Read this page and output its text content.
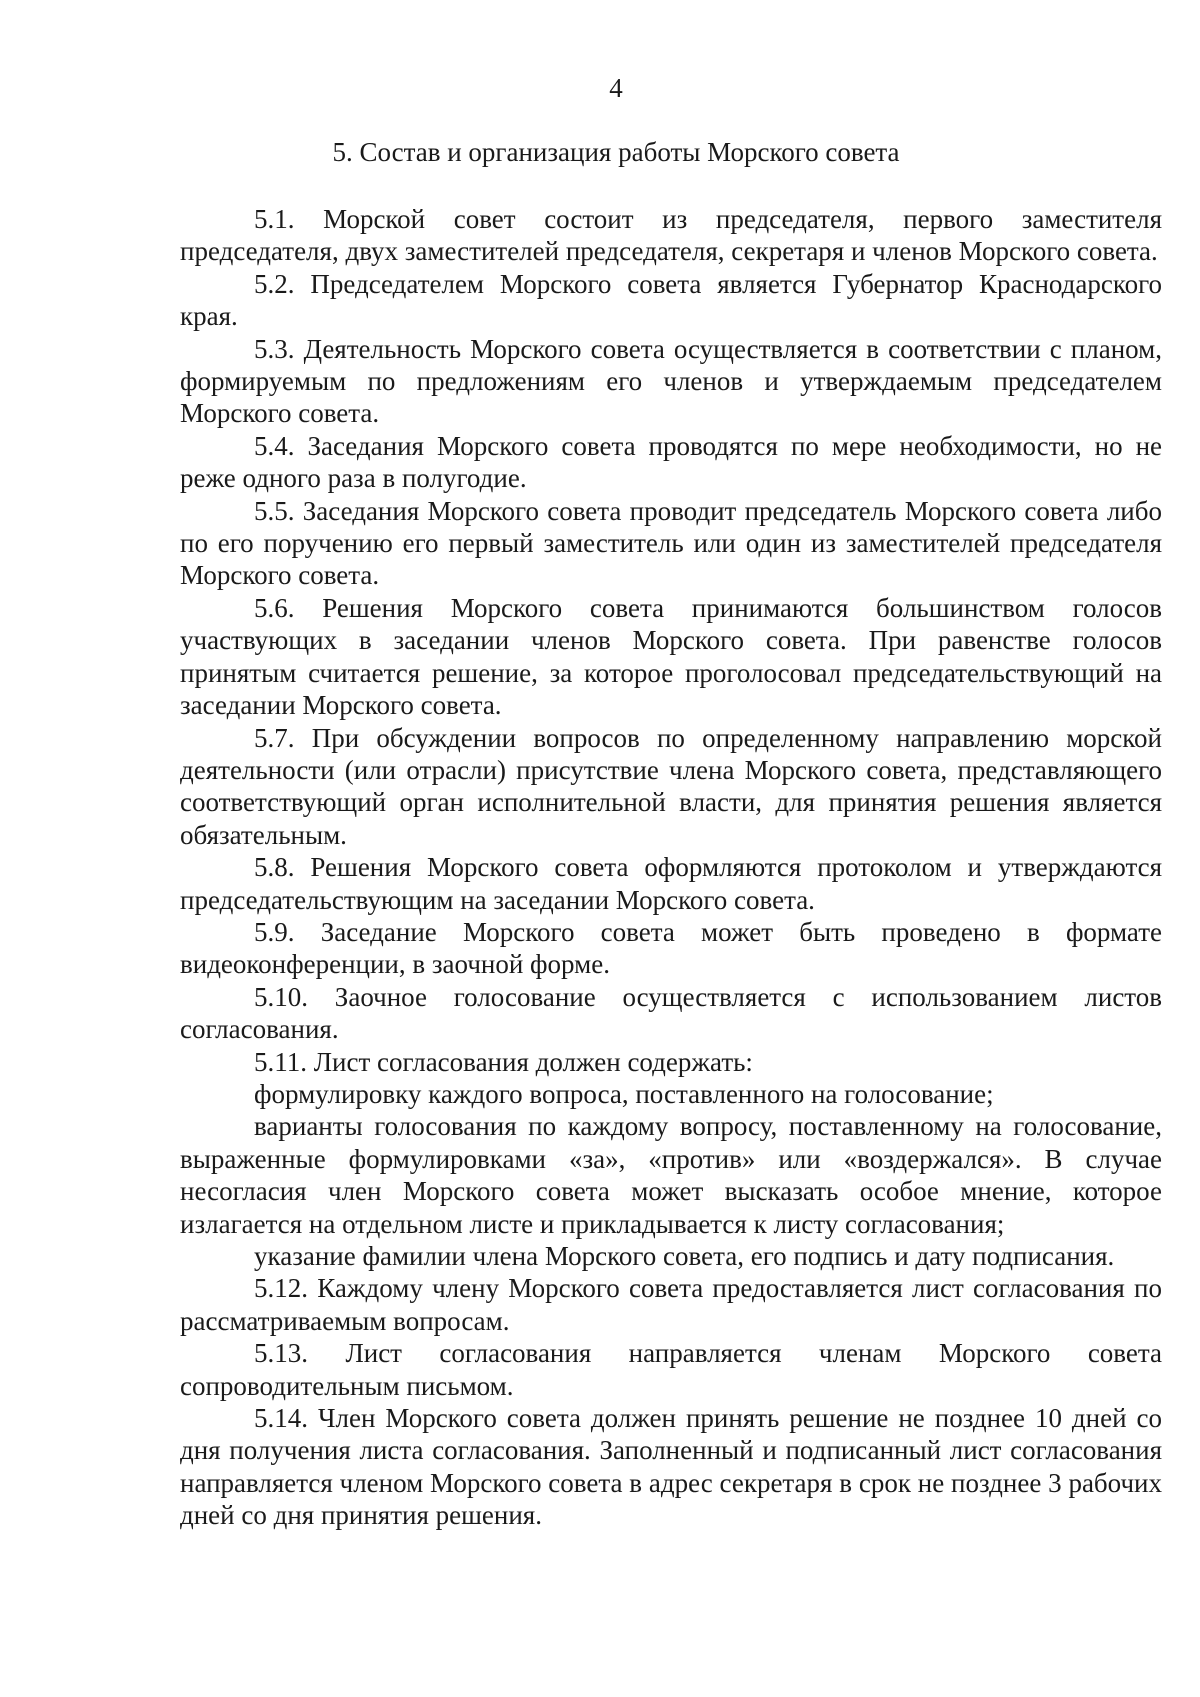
4
5. Состав и организация работы Морского совета

5.1. Морской совет состоит из председателя, первого заместителя председателя, двух заместителей председателя, секретаря и членов Морского совета.

5.2. Председателем Морского совета является Губернатор Краснодарского края.

5.3. Деятельность Морского совета осуществляется в соответствии с планом, формируемым по предложениям его членов и утверждаемым председателем Морского совета.

5.4. Заседания Морского совета проводятся по мере необходимости, но не реже одного раза в полугодие.

5.5. Заседания Морского совета проводит председатель Морского совета либо по его поручению его первый заместитель или один из заместителей председателя Морского совета.

5.6. Решения Морского совета принимаются большинством голосов участвующих в заседании членов Морского совета. При равенстве голосов принятым считается решение, за которое проголосовал председательствующий на заседании Морского совета.

5.7. При обсуждении вопросов по определенному направлению морской деятельности (или отрасли) присутствие члена Морского совета, представляющего соответствующий орган исполнительной власти, для принятия решения является обязательным.

5.8. Решения Морского совета оформляются протоколом и утверждаются председательствующим на заседании Морского совета.

5.9. Заседание Морского совета может быть проведено в формате видеоконференции, в заочной форме.

5.10. Заочное голосование осуществляется с использованием листов согласования.

5.11. Лист согласования должен содержать:

формулировку каждого вопроса, поставленного на голосование;

варианты голосования по каждому вопросу, поставленному на голосование, выраженные формулировками «за», «против» или «воздержался». В случае несогласия член Морского совета может высказать особое мнение, которое излагается на отдельном листе и прикладывается к листу согласования;

указание фамилии члена Морского совета, его подпись и дату подписания.

5.12. Каждому члену Морского совета предоставляется лист согласования по рассматриваемым вопросам.

5.13. Лист согласования направляется членам Морского совета сопроводительным письмом.

5.14. Член Морского совета должен принять решение не позднее 10 дней со дня получения листа согласования. Заполненный и подписанный лист согласования направляется членом Морского совета в адрес секретаря в срок не позднее 3 рабочих дней со дня принятия решения.
